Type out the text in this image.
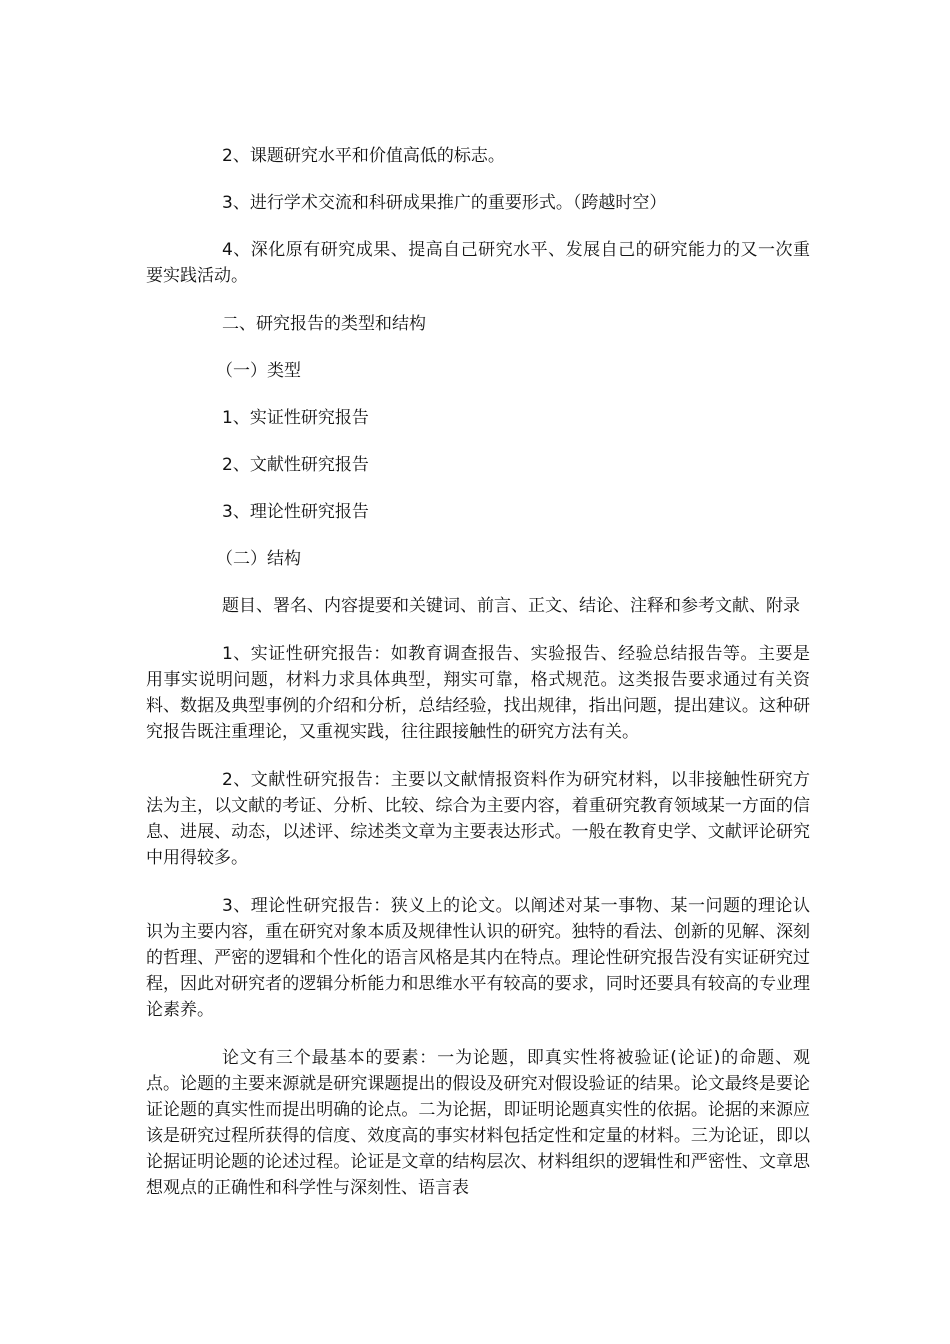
2、课题研究水平和价值高低的标志。

3、进行学术交流和科研成果推广的重要形式。（跨越时空）

4、深化原有研究成果、提高自己研究水平、发展自己的研究能力的又一次重要实践活动。

二、研究报告的类型和结构

（一）类型

1、实证性研究报告

2、文献性研究报告

3、理论性研究报告

（二）结构

题目、署名、内容提要和关键词、前言、正文、结论、注释和参考文献、附录

1、实证性研究报告：如教育调查报告、实验报告、经验总结报告等。主要是用事实说明问题，材料力求具体典型，翔实可靠，格式规范。这类报告要求通过有关资料、数据及典型事例的介绍和分析，总结经验，找出规律，指出问题，提出建议。这种研究报告既注重理论，又重视实践，往往跟接触性的研究方法有关。

2、文献性研究报告：主要以文献情报资料作为研究材料，以非接触性研究方法为主，以文献的考证、分析、比较、综合为主要内容，着重研究教育领域某一方面的信息、进展、动态，以述评、综述类文章为主要表达形式。一般在教育史学、文献评论研究中用得较多。

3、理论性研究报告：狭义上的论文。以阐述对某一事物、某一问题的理论认识为主要内容，重在研究对象本质及规律性认识的研究。独特的看法、创新的见解、深刻的哲理、严密的逻辑和个性化的语言风格是其内在特点。理论性研究报告没有实证研究过程，因此对研究者的逻辑分析能力和思维水平有较高的要求，同时还要具有较高的专业理论素养。

论文有三个最基本的要素：一为论题，即真实性将被验证(论证)的命题、观点。论题的主要来源就是研究课题提出的假设及研究对假设验证的结果。论文最终是要论证论题的真实性而提出明确的论点。二为论据，即证明论题真实性的依据。论据的来源应该是研究过程所获得的信度、效度高的事实材料包括定性和定量的材料。三为论证，即以论据证明论题的论述过程。论证是文章的结构层次、材料组织的逻辑性和严密性、文章思想观点的正确性和科学性与深刻性、语言表
